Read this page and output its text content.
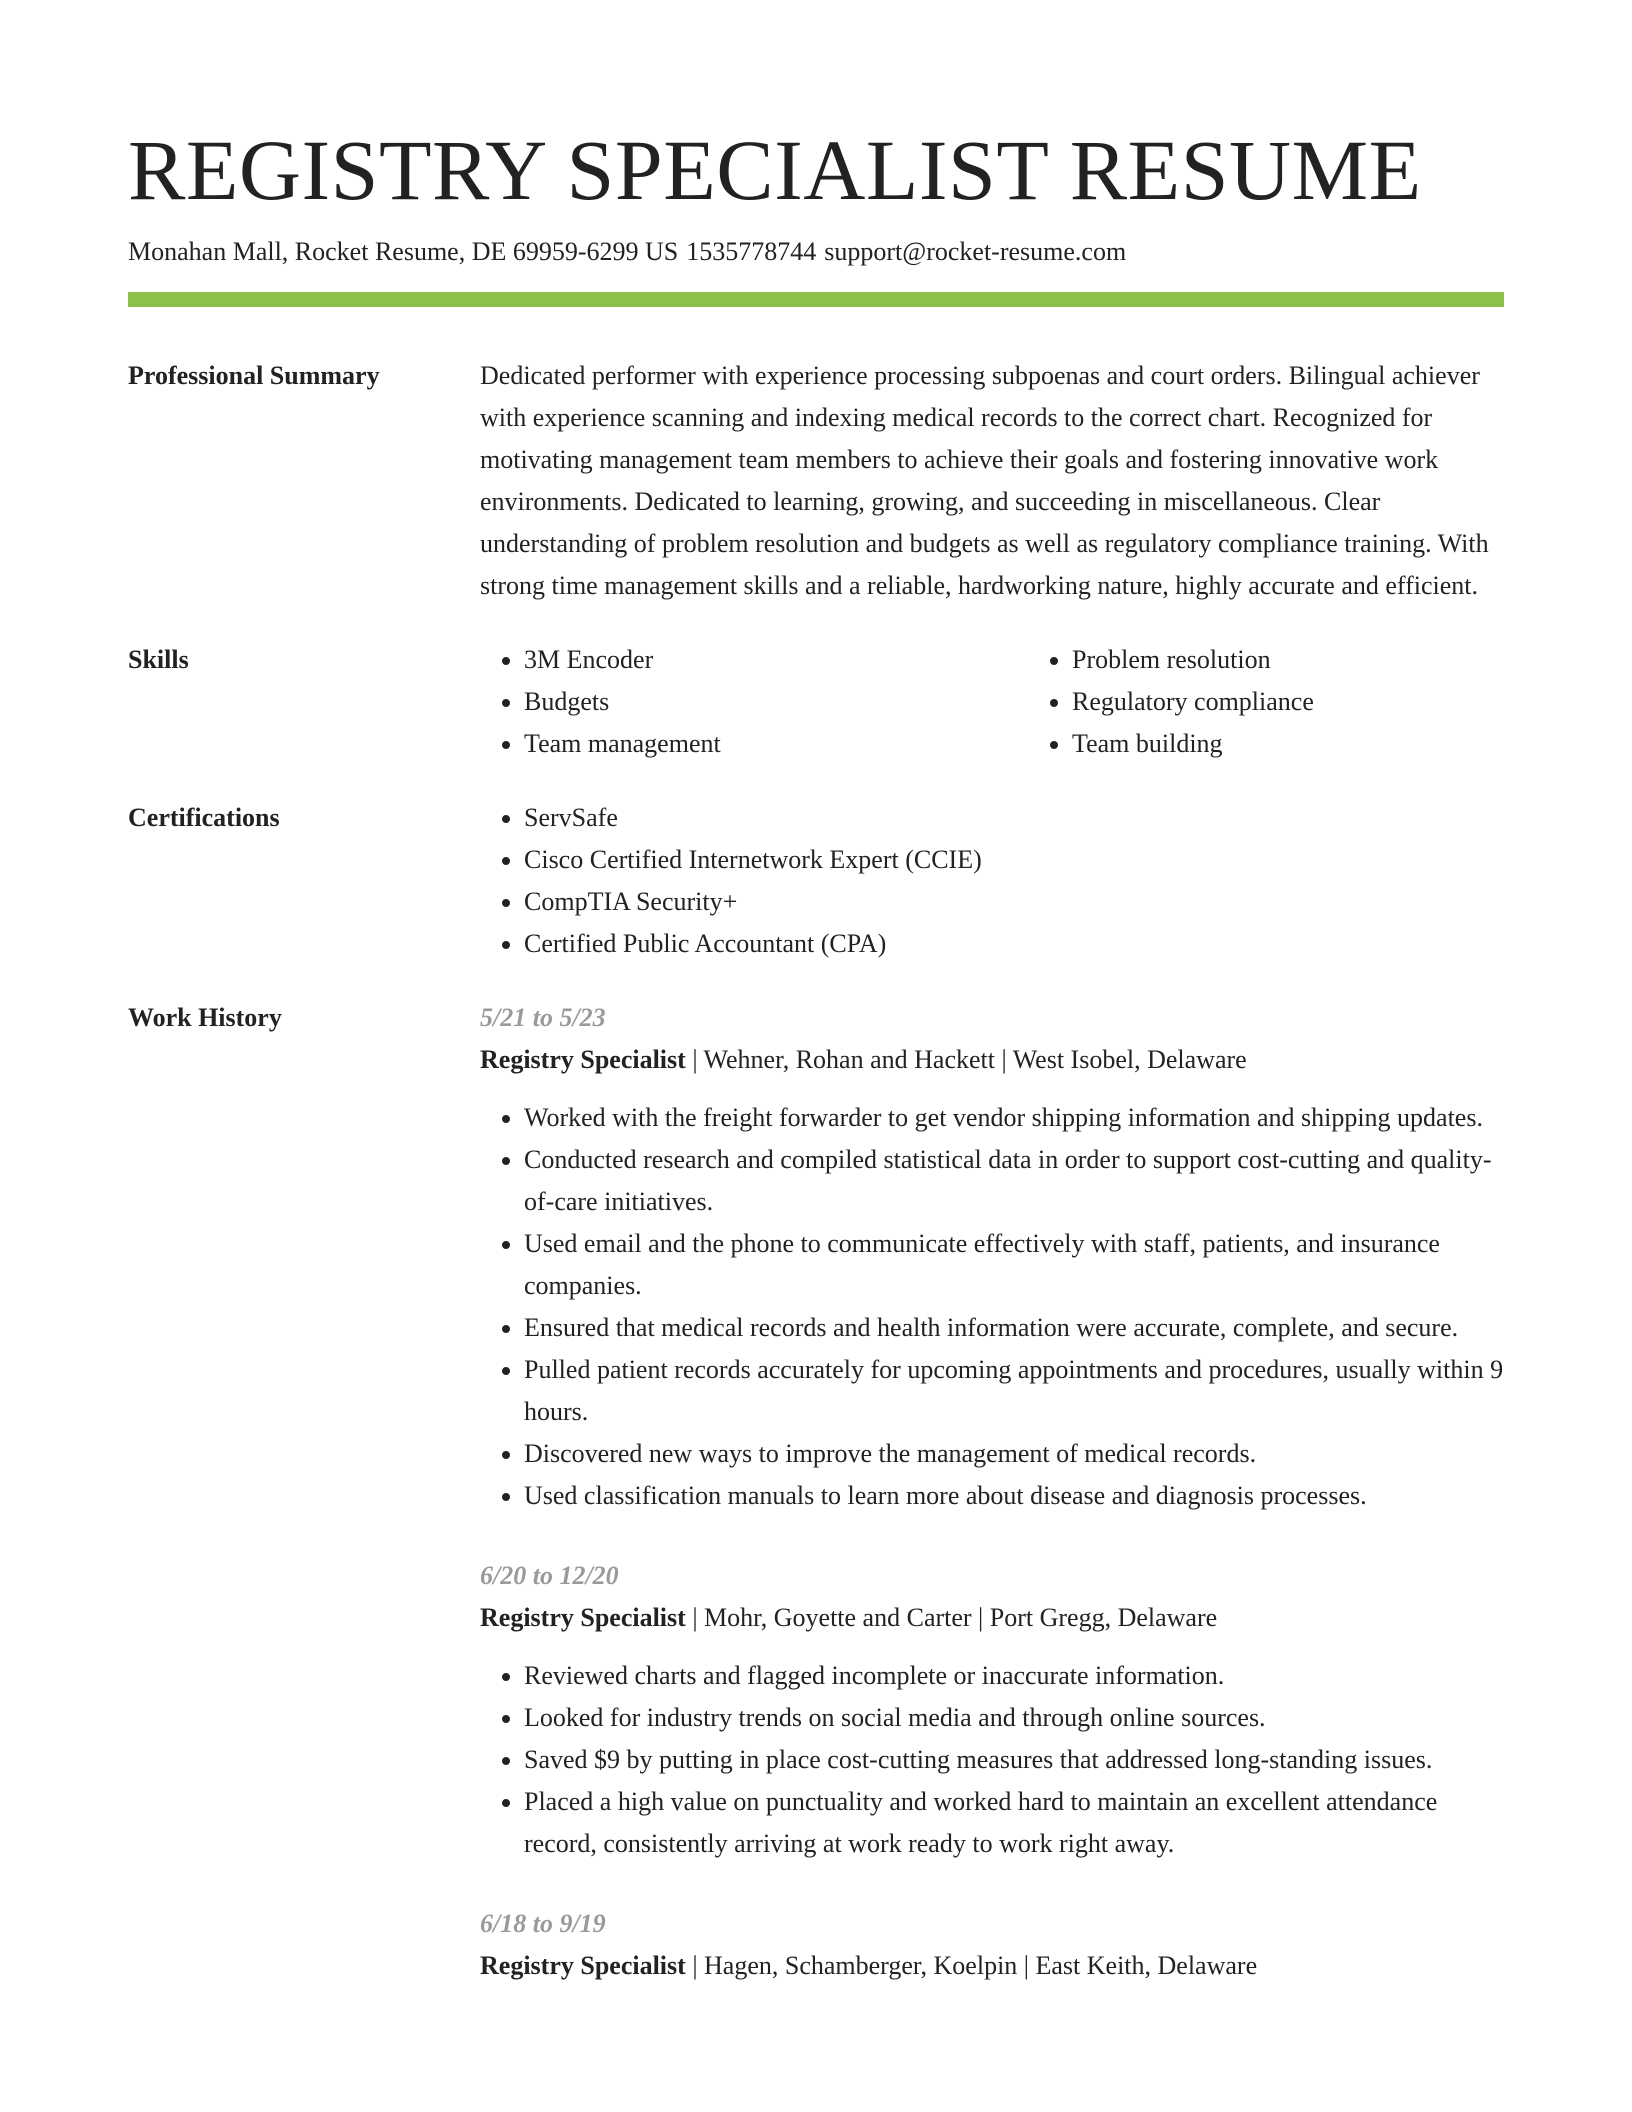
REGISTRY SPECIALIST RESUME
Monahan Mall, Rocket Resume, DE 69959-6299 US 1535778744 support@rocket-resume.com
Professional Summary	Dedicated performer with experience processing subpoenas and court orders. Bilingual achiever with experience scanning and indexing medical records to the correct chart. Recognized for motivating management team members to achieve their goals and fostering innovative work environments. Dedicated to learning, growing, and succeeding in miscellaneous. Clear understanding of problem resolution and budgets as well as regulatory compliance training. With strong time management skills and a reliable, hardworking nature, highly accurate and efficient.
Skills	• 3M Encoder
• Budgets
• Team management
• Problem resolution
• Regulatory compliance
• Team building
Certifications	• ServSafe
• Cisco Certified Internetwork Expert (CCIE)
• CompTIA Security+
• Certified Public Accountant (CPA)
Work History	5/21 to 5/23
Registry Specialist | Wehner, Rohan and Hackett | West Isobel, Delaware
• Worked with the freight forwarder to get vendor shipping information and shipping updates.
• Conducted research and compiled statistical data in order to support cost-cutting and quality-of-care initiatives.
• Used email and the phone to communicate effectively with staff, patients, and insurance companies.
• Ensured that medical records and health information were accurate, complete, and secure.
• Pulled patient records accurately for upcoming appointments and procedures, usually within 9 hours.
• Discovered new ways to improve the management of medical records.
• Used classification manuals to learn more about disease and diagnosis processes.
6/20 to 12/20
Registry Specialist | Mohr, Goyette and Carter | Port Gregg, Delaware
• Reviewed charts and flagged incomplete or inaccurate information.
• Looked for industry trends on social media and through online sources.
• Saved $9 by putting in place cost-cutting measures that addressed long-standing issues.
• Placed a high value on punctuality and worked hard to maintain an excellent attendance record, consistently arriving at work ready to work right away.
6/18 to 9/19
Registry Specialist | Hagen, Schamberger, Koelpin | East Keith, Delaware
